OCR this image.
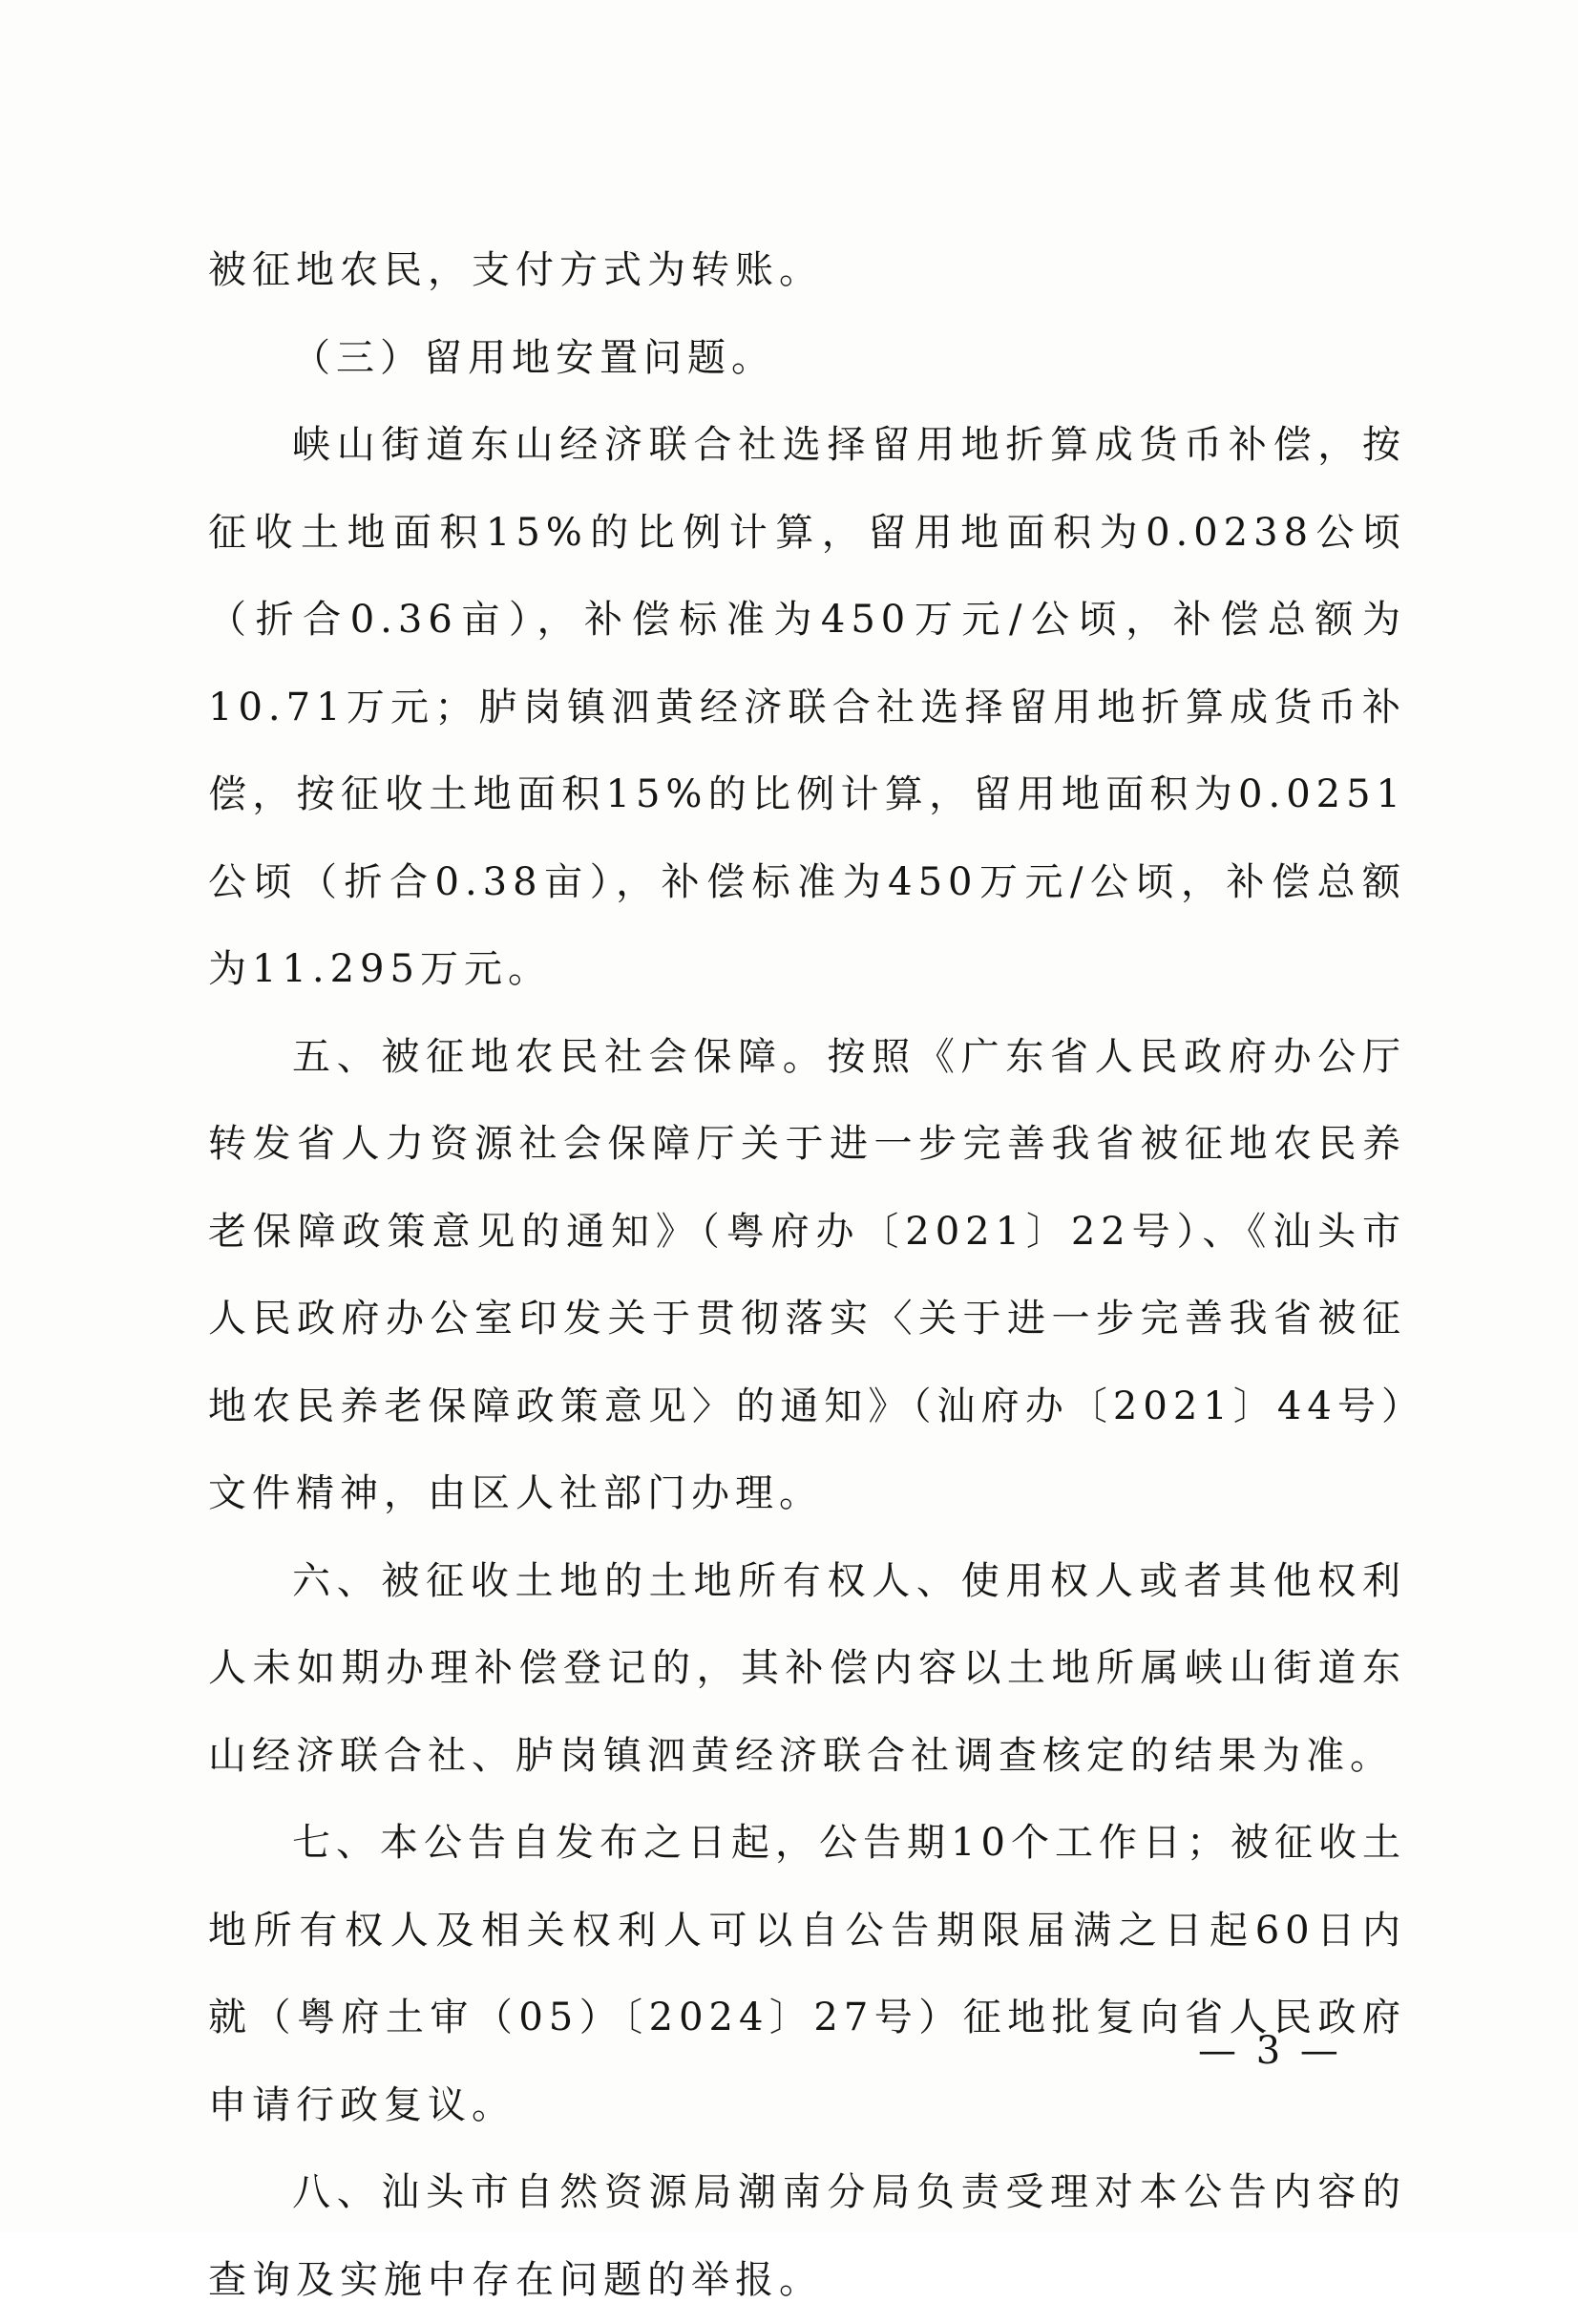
被征地农民，支付方式为转账。

（三）留用地安置问题。

峡山街道东山经济联合社选择留用地折算成货币补偿，按征收土地面积15%的比例计算，留用地面积为0.0238公顷（折合0.36亩），补偿标准为450万元/公顷，补偿总额为10.71万元；胪岗镇泗黄经济联合社选择留用地折算成货币补偿，按征收土地面积15%的比例计算，留用地面积为0.0251公顷（折合0.38亩），补偿标准为450万元/公顷，补偿总额为11.295万元。

五、被征地农民社会保障。按照《广东省人民政府办公厅转发省人力资源社会保障厅关于进一步完善我省被征地农民养老保障政策意见的通知》（粤府办〔2021〕22号）、《汕头市人民政府办公室印发关于贯彻落实〈关于进一步完善我省被征地农民养老保障政策意见〉的通知》（汕府办〔2021〕44号）文件精神，由区人社部门办理。

六、被征收土地的土地所有权人、使用权人或者其他权利人未如期办理补偿登记的，其补偿内容以土地所属峡山街道东山经济联合社、胪岗镇泗黄经济联合社调查核定的结果为准。

七、本公告自发布之日起，公告期10个工作日；被征收土地所有权人及相关权利人可以自公告期限届满之日起60日内就（粤府土审（05）〔2024〕27号）征地批复向省人民政府申请行政复议。

八、汕头市自然资源局潮南分局负责受理对本公告内容的查询及实施中存在问题的举报。

— 3 —
